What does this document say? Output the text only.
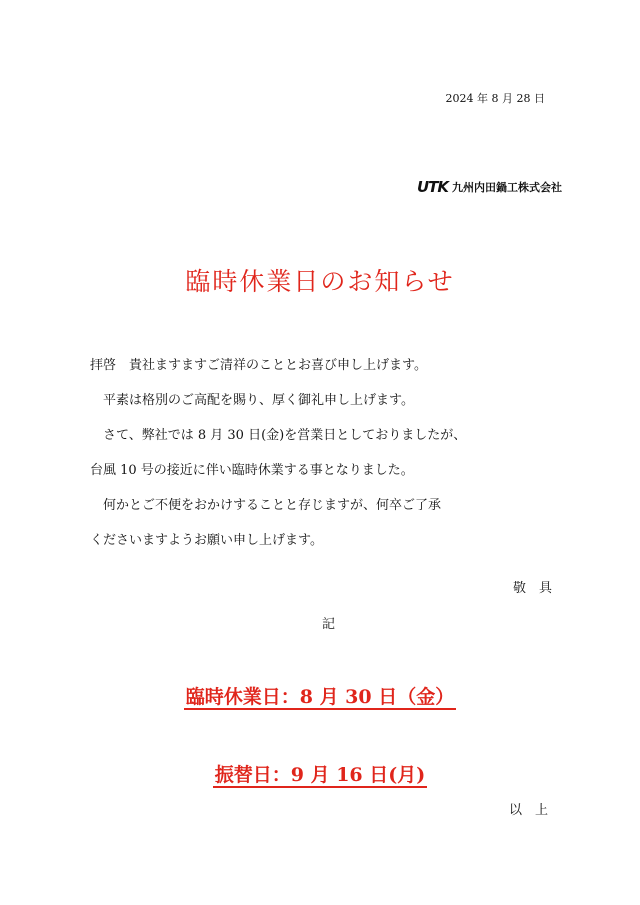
2024 年 8 月 28 日
UTK 九州内田鍋工株式会社
臨時休業日のお知らせ

拝啓　貴社ますますご清祥のこととお喜び申し上げます。

平素は格別のご高配を賜り、厚く御礼申し上げます。

さて、弊社では 8 月 30 日(金)を営業日としておりましたが、

台風 10 号の接近に伴い臨時休業する事となりました。

何かとご不便をおかけすることと存じますが、何卒ご了承

くださいますようお願い申し上げます。

敬　具
記
臨時休業日：8 月 30 日（金）
振替日：9 月 16 日(月)
以　上
